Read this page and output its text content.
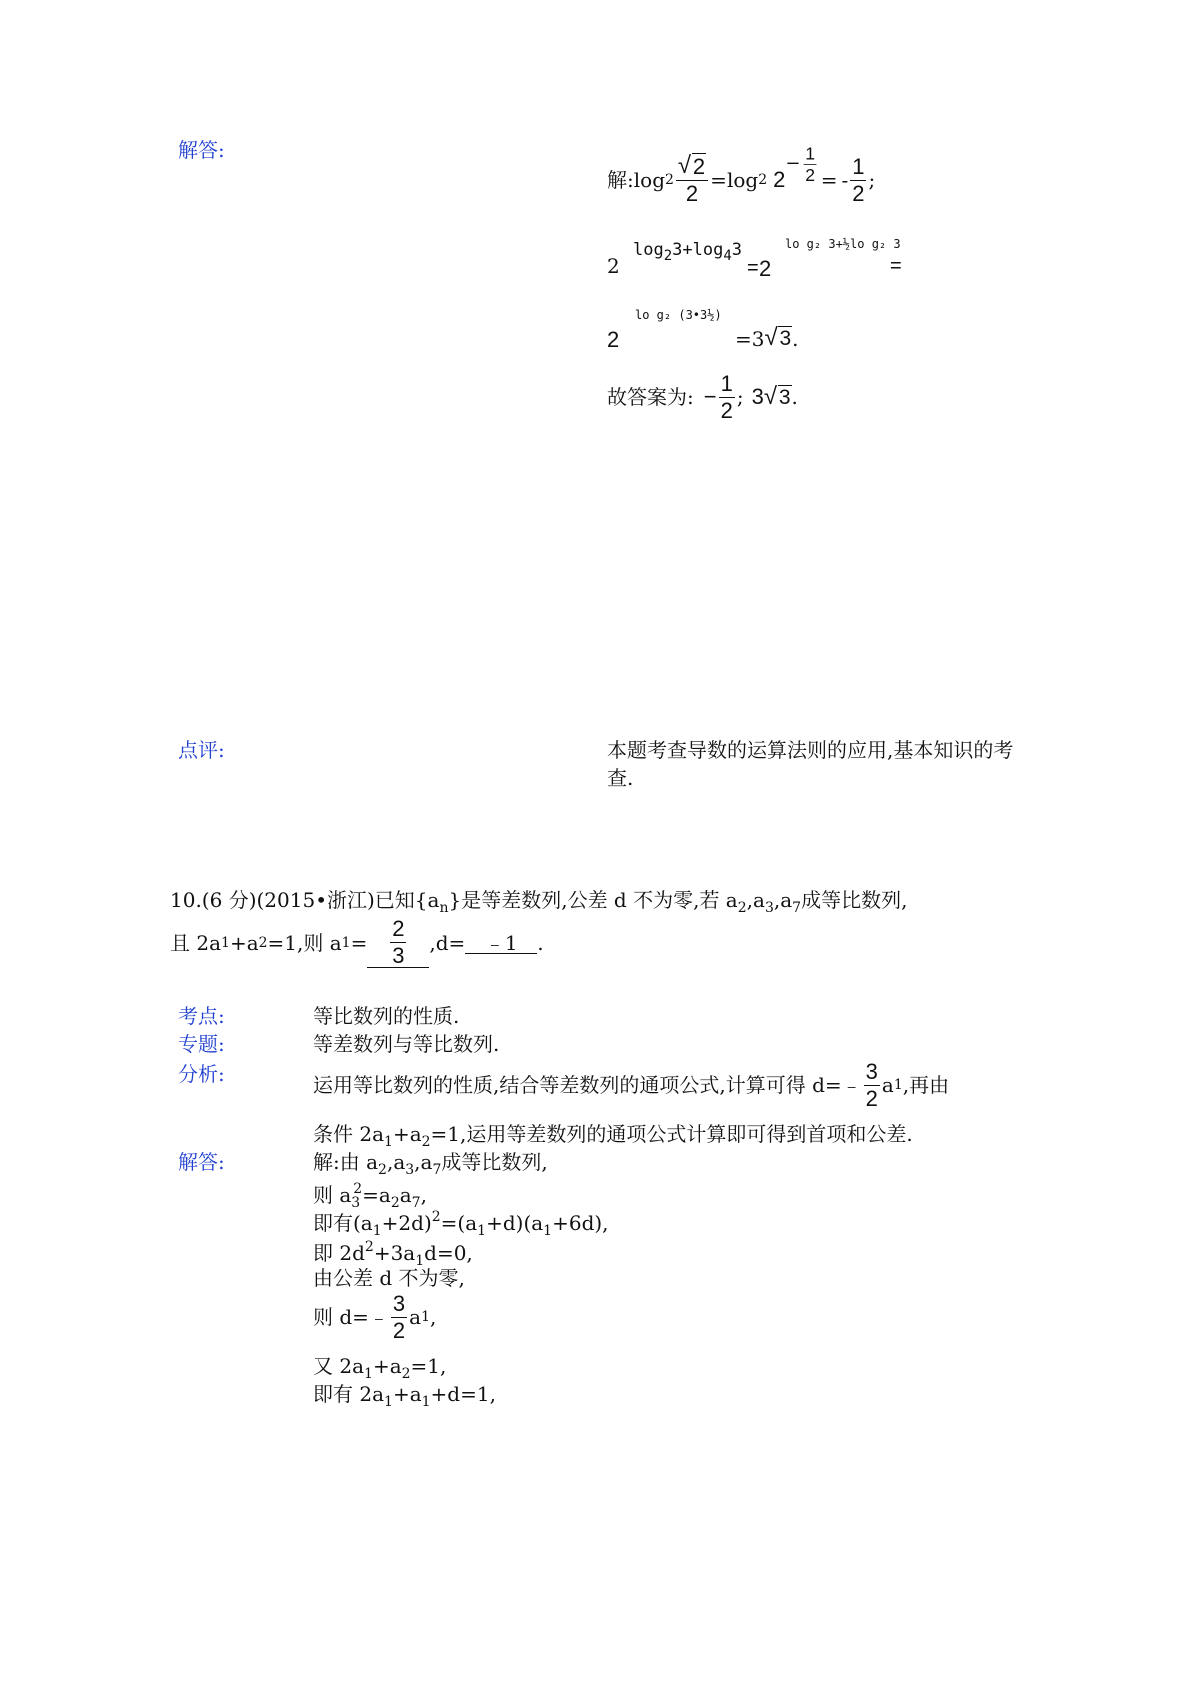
解答:
解: $\log 2 \frac{√ 2}{2} = \log 2$ 2
− $\frac{1}{2}$ = - $\frac{1}{2}$ ;
2
$\log_23+\log_43$
= 2
lo g₂ 3+½lo g₂ 3
=
2
lo g₂ (3•3½)
=3 √ 3 .
故答案为: − $\frac{1}{2}$ ; 3 √ 3 .
点评:	本题考查导数的运算法则的应用,基本知识的考
查.
10.(6 分)(2015•浙江)已知$\{a_n\}$是等差数列,公差 d 不为零,若 $a_2,a_3,a_7$成等比数列,
且 2a 1 +a 2 =1,则 a $1 = \frac{2}{3} ,d=$ ﹣1 .
考点:	等比数列的性质.
专题:	等差数列与等比数列.
分析:	运用等比数列的性质,结合等差数列的通项公式,计算可得 d=﹣ $\frac{3}{2}$ a 1 ,再由
条件 $2a_1+a_2=1$,运用等差数列的通项公式计算即可得到首项和公差.
解答:	解:由 $a_2,a_3,a_7$成等比数列,
则 $a_3^2=a_2a_7$,
即有$(a_1+2d)^2=(a_1+d)(a_1+6d)$,
即 $2d^2+3a_1d=0$,
由公差 d 不为零,
则 d=﹣ $\frac{3}{2}$ a 1 ,
又 $2a_1+a_2=1$,
即有 $2a_1+a_1+d=1$,
